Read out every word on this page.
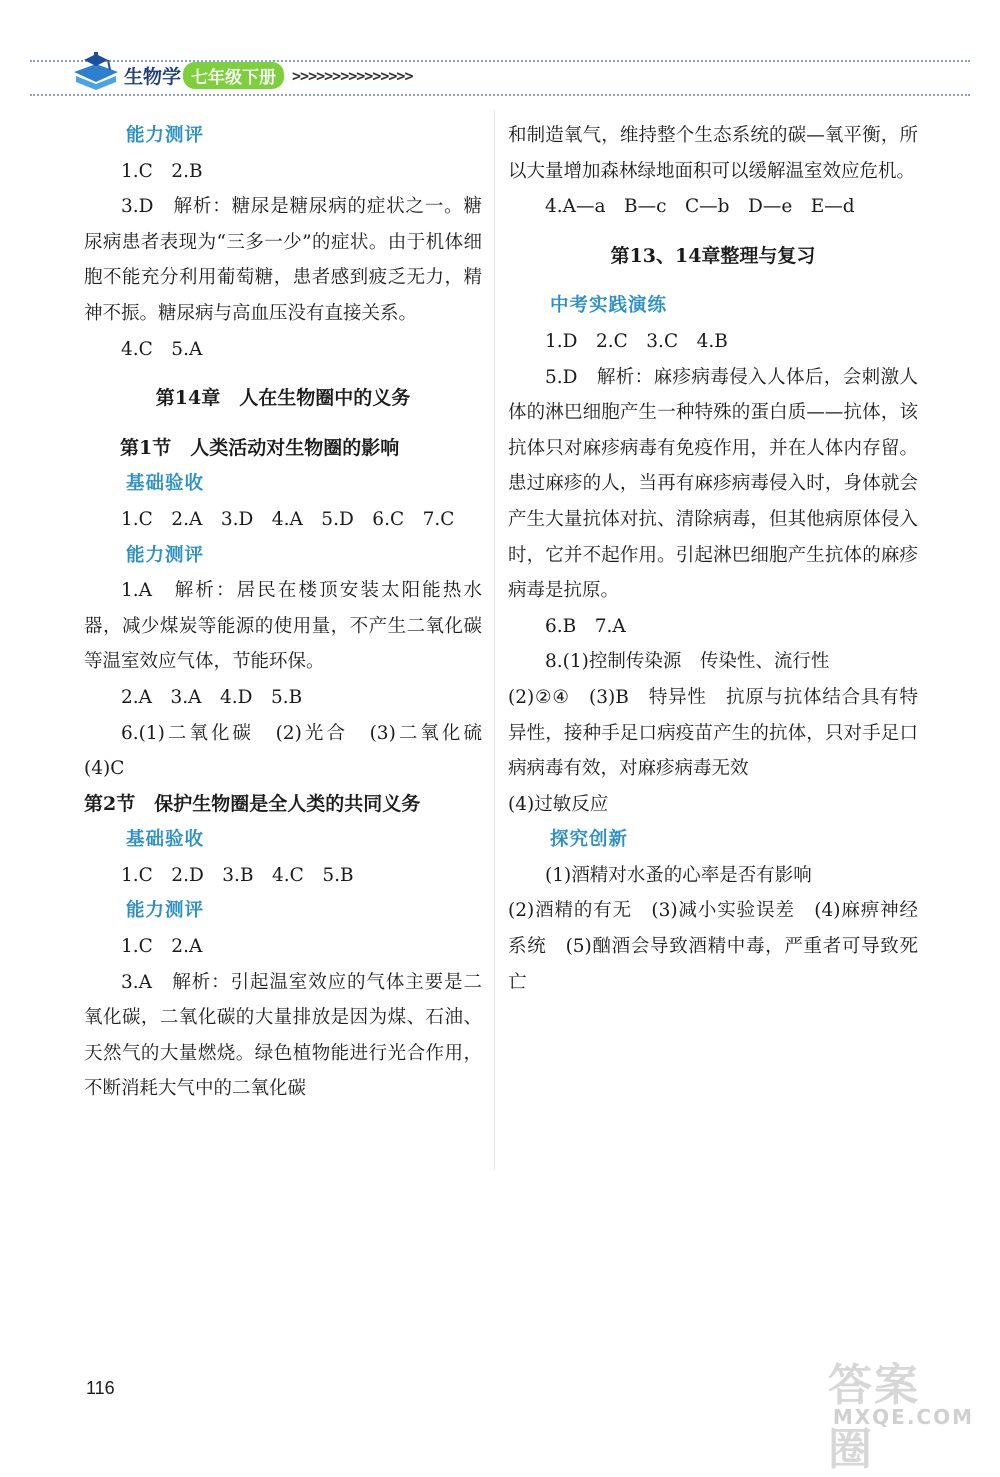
生物学 七年级下册	>>>>>>>>>>>>>>>
能力测评
1.C　2.B
3.D　解析：糖尿是糖尿病的症状之一。糖尿病患者表现为“三多一少”的症状。由于机体细胞不能充分利用葡萄糖，患者感到疲乏无力，精神不振。糖尿病与高血压没有直接关系。
4.C　5.A
第14章　人在生物圈中的义务
第1节　人类活动对生物圈的影响
基础验收
1.C　2.A　3.D　4.A　5.D　6.C　7.C
能力测评
1.A　解析：居民在楼顶安装太阳能热水器，减少煤炭等能源的使用量，不产生二氧化碳等温室效应气体，节能环保。
2.A　3.A　4.D　5.B
6.(1)二氧化碳　(2)光合　(3)二氧化硫　(4)C
第2节　保护生物圈是全人类的共同义务
基础验收
1.C　2.D　3.B　4.C　5.B
能力测评
1.C　2.A
3.A　解析：引起温室效应的气体主要是二氧化碳，二氧化碳的大量排放是因为煤、石油、天然气的大量燃烧。绿色植物能进行光合作用，不断消耗大气中的二氧化碳
和制造氧气，维持整个生态系统的碳—氧平衡，所以大量增加森林绿地面积可以缓解温室效应危机。
4.A—a　B—c　C—b　D—e　E—d
第13、14章整理与复习
中考实践演练
1.D　2.C　3.C　4.B
5.D　解析：麻疹病毒侵入人体后，会刺激人体的淋巴细胞产生一种特殊的蛋白质——抗体，该抗体只对麻疹病毒有免疫作用，并在人体内存留。患过麻疹的人，当再有麻疹病毒侵入时，身体就会产生大量抗体对抗、清除病毒，但其他病原体侵入时，它并不起作用。引起淋巴细胞产生抗体的麻疹病毒是抗原。
6.B　7.A
8.(1)控制传染源　传染性、流行性
(2)②④　(3)B　特异性　抗原与抗体结合具有特异性，接种手足口病疫苗产生的抗体，只对手足口病病毒有效，对麻疹病毒无效
(4)过敏反应
探究创新
(1)酒精对水蚤的心率是否有影响
(2)酒精的有无　(3)减小实验误差　(4)麻痹神经系统　(5)酗酒会导致酒精中毒，严重者可导致死亡
116	答案圈
MXQE.COM
